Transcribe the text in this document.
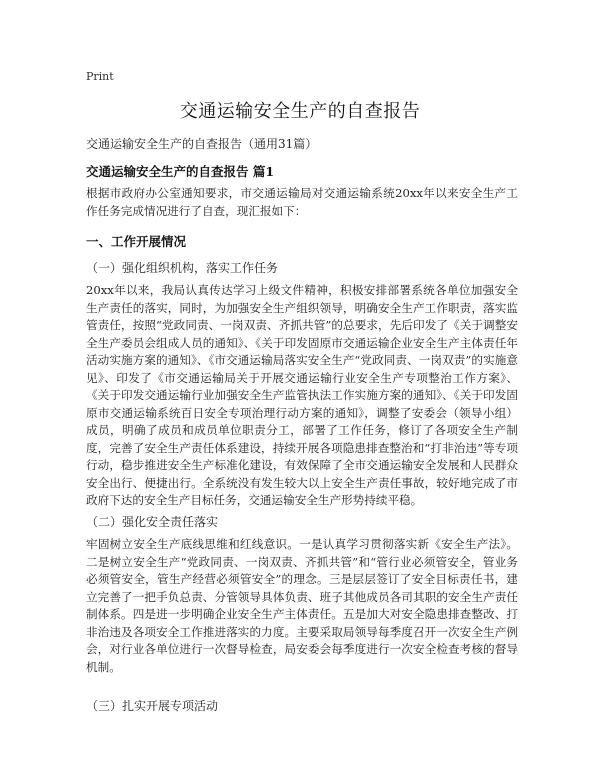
Print
交通运输安全生产的自查报告
交通运输安全生产的自查报告（通用31篇）
交通运输安全生产的自查报告 篇1
根据市政府办公室通知要求，市交通运输局对交通运输系统20xx年以来安全生产工作任务完成情况进行了自查，现汇报如下：
一、工作开展情况
（一）强化组织机构，落实工作任务
20xx年以来，我局认真传达学习上级文件精神，积极安排部署系统各单位加强安全生产责任的落实，同时，为加强安全生产组织领导，明确安全生产工作职责，落实监管责任，按照“党政同责、一岗双责、齐抓共管”的总要求，先后印发了《关于调整安全生产委员会组成人员的通知》、《关于印发固原市交通运输企业安全生产主体责任年活动实施方案的通知》、《市交通运输局落实安全生产“党政同责、一岗双责”的实施意见》、印发了《市交通运输局关于开展交通运输行业安全生产专项整治工作方案》、《关于印发交通运输行业加强安全生产监管执法工作实施方案的通知》、《关于印发固原市交通运输系统百日安全专项治理行动方案的通知》，调整了安委会（领导小组）成员，明确了成员和成员单位职责分工，部署了工作任务，修订了各项安全生产制度，完善了安全生产责任体系建设，持续开展各项隐患排查整治和“打非治违”等专项行动，稳步推进安全生产标准化建设，有效保障了全市交通运输安全发展和人民群众安全出行、便捷出行。全系统没有发生较大以上安全生产责任事故，较好地完成了市政府下达的安全生产目标任务，交通运输安全生产形势持续平稳。
（二）强化安全责任落实
牢固树立安全生产底线思维和红线意识。一是认真学习贯彻落实新《安全生产法》。二是树立安全生产“党政同责、一岗双责、齐抓共管”和“管行业必须管安全，管业务必须管安全，管生产经营必须管安全”的理念。三是层层签订了安全目标责任书，建立完善了一把手负总责、分管领导具体负责、班子其他成员各司其职的安全生产责任制体系。四是进一步明确企业安全生产主体责任。五是加大对安全隐患排查整改、打非治违及各项安全工作推进落实的力度。主要采取局领导每季度召开一次安全生产例会，对行业各单位进行一次督导检查，局安委会每季度进行一次安全检查考核的督导机制。
（三）扎实开展专项活动
